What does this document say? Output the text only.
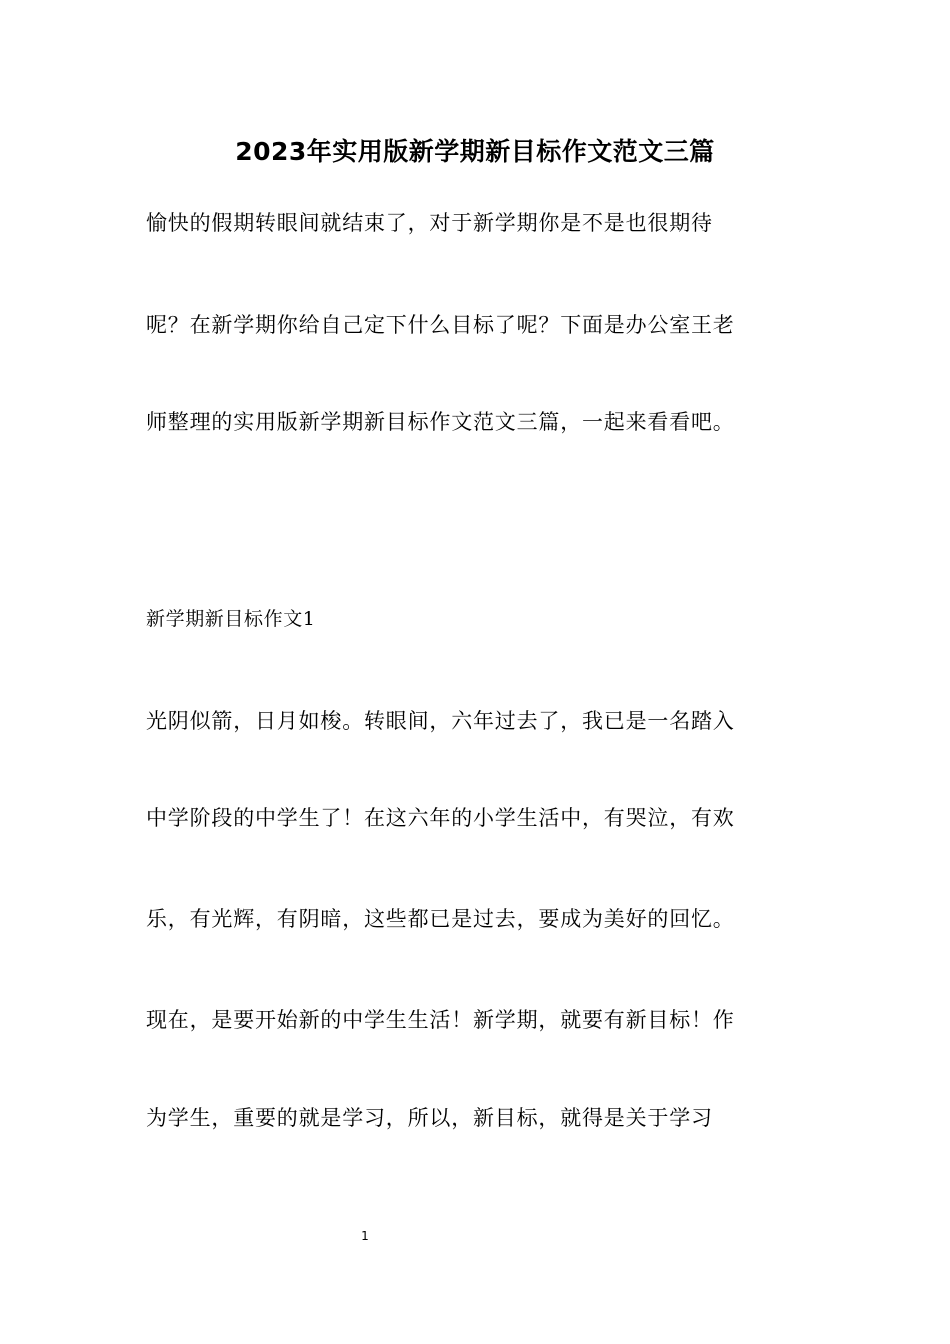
2023年实用版新学期新目标作文范文三篇

愉快的假期转眼间就结束了，对于新学期你是不是也很期待

呢？在新学期你给自己定下什么目标了呢？下面是办公室王老

师整理的实用版新学期新目标作文范文三篇，一起来看看吧。

新学期新目标作文1

光阴似箭，日月如梭。转眼间，六年过去了，我已是一名踏入

中学阶段的中学生了！在这六年的小学生活中，有哭泣，有欢

乐，有光辉，有阴暗，这些都已是过去，要成为美好的回忆。

现在，是要开始新的中学生生活！新学期，就要有新目标！作

为学生，重要的就是学习，所以，新目标，就得是关于学习

1
